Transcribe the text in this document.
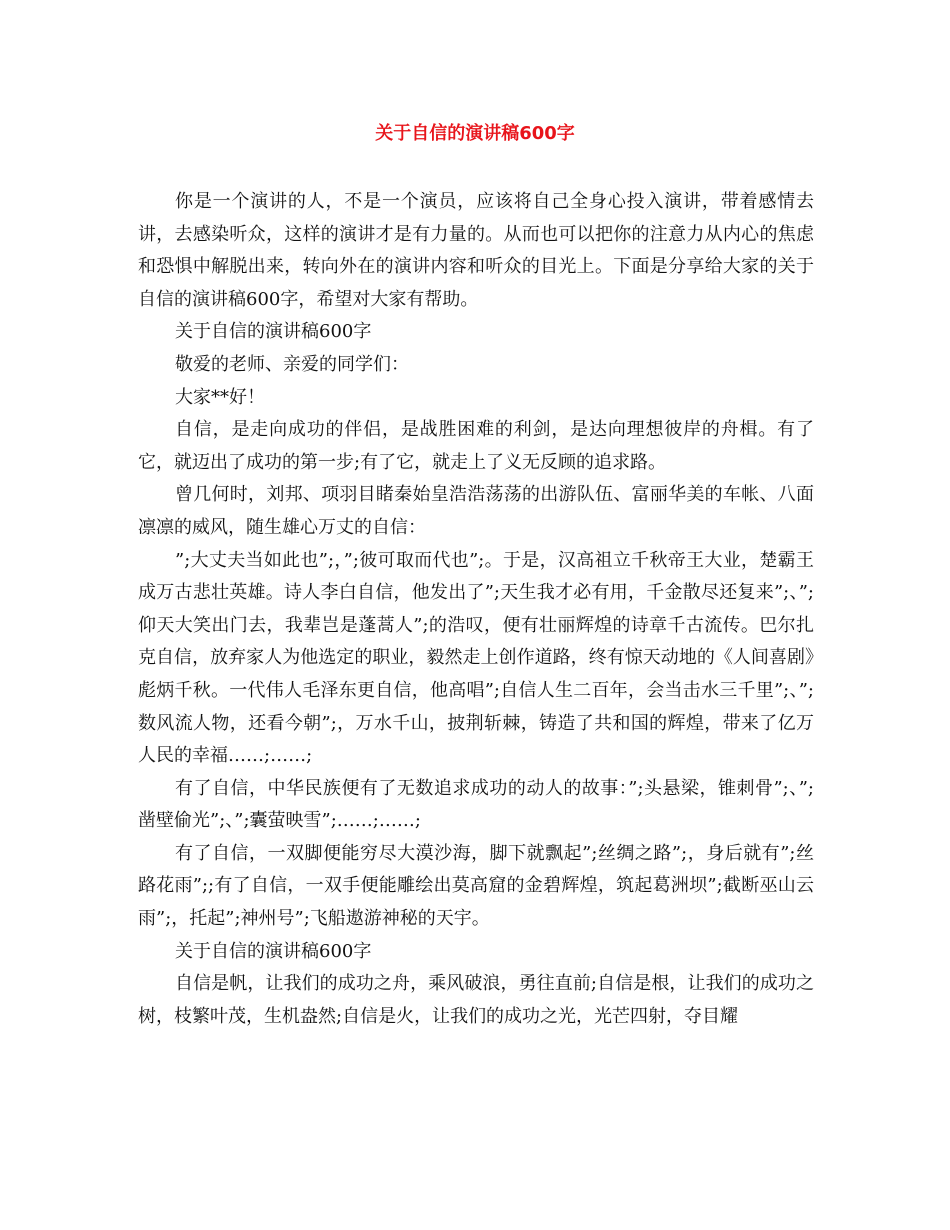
关于自信的演讲稿600字

你是一个演讲的人，不是一个演员，应该将自己全身心投入演讲，带着感情去讲，去感染听众，这样的演讲才是有力量的。从而也可以把你的注意力从内心的焦虑和恐惧中解脱出来，转向外在的演讲内容和听众的目光上。下面是分享给大家的关于自信的演讲稿600字，希望对大家有帮助。

关于自信的演讲稿600字

敬爱的老师、亲爱的同学们：

大家**好！

自信，是走向成功的伴侣，是战胜困难的利剑，是达向理想彼岸的舟楫。有了它，就迈出了成功的第一步;有了它，就走上了义无反顾的追求路。

曾几何时，刘邦、项羽目睹秦始皇浩浩荡荡的出游队伍、富丽华美的车帐、八面凛凛的威风，随生雄心万丈的自信：

”;大丈夫当如此也”;，”;彼可取而代也”;。于是，汉高祖立千秋帝王大业，楚霸王成万古悲壮英雄。诗人李白自信，他发出了”;天生我才必有用，千金散尽还复来”;、”;仰天大笑出门去，我辈岂是蓬蒿人”;的浩叹，便有壮丽辉煌的诗章千古流传。巴尔扎克自信，放弃家人为他选定的职业，毅然走上创作道路，终有惊天动地的《人间喜剧》彪炳千秋。一代伟人毛泽东更自信，他高唱”;自信人生二百年，会当击水三千里”;、”;数风流人物，还看今朝”;，万水千山，披荆斩棘，铸造了共和国的辉煌，带来了亿万人民的幸福……;……;

有了自信，中华民族便有了无数追求成功的动人的故事：”;头悬梁，锥刺骨”;、”;凿壁偷光”;、”;囊萤映雪”;……;……;

有了自信，一双脚便能穷尽大漠沙海，脚下就飘起”;丝绸之路”;，身后就有”;丝路花雨”;;有了自信，一双手便能雕绘出莫高窟的金碧辉煌，筑起葛洲坝”;截断巫山云雨”;，托起”;神州号”;飞船遨游神秘的天宇。

关于自信的演讲稿600字

自信是帆，让我们的成功之舟，乘风破浪，勇往直前;自信是根，让我们的成功之树，枝繁叶茂，生机盎然;自信是火，让我们的成功之光，光芒四射，夺目耀
